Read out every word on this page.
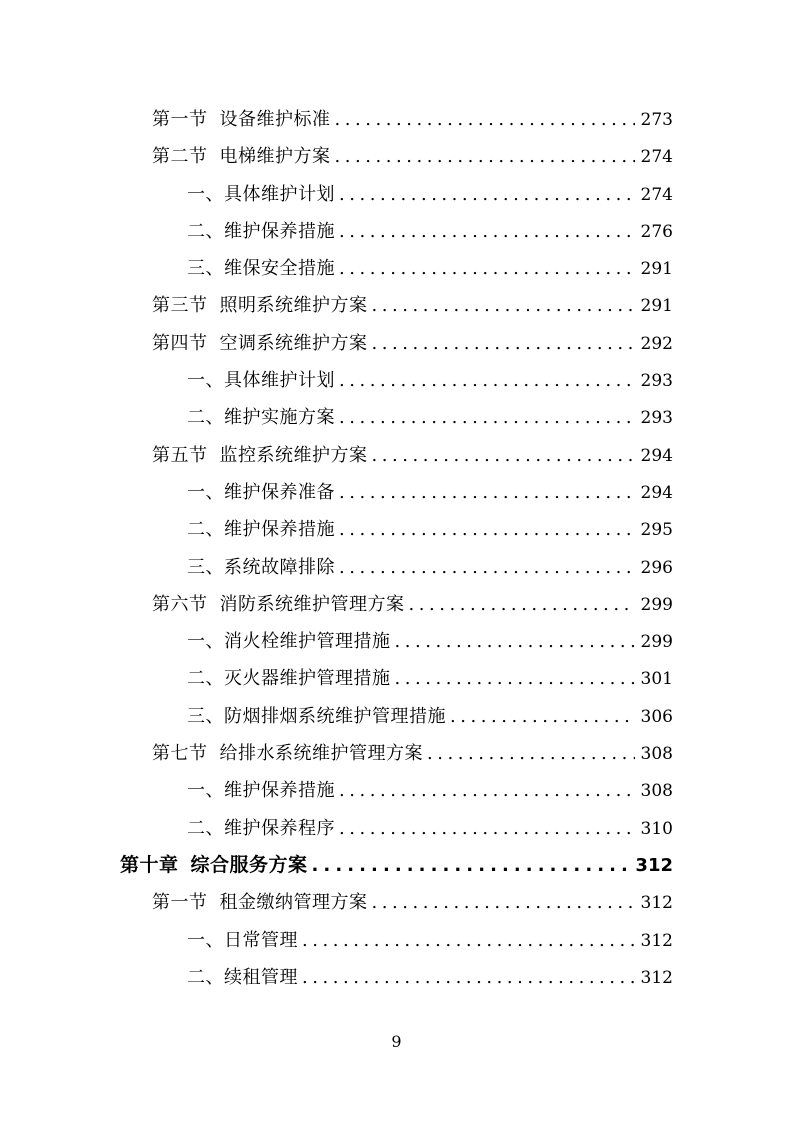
第一节 设备维护标准 . . .	273
第二节 电梯维护方案 . . .	274
一、具体维护计划 . . .	274
二、维护保养措施 . . .	276
三、维保安全措施 . . .	291
第三节 照明系统维护方案 . . .	291
第四节 空调系统维护方案 . . .	292
一、具体维护计划 . . .	293
二、维护实施方案 . . .	293
第五节 监控系统维护方案 . . .	294
一、维护保养准备 . . .	294
二、维护保养措施 . . .	295
三、系统故障排除 . . .	296
第六节 消防系统维护管理方案 . . .	299
一、消火栓维护管理措施 . . .	299
二、灭火器维护管理措施 . . .	301
三、防烟排烟系统维护管理措施 . . .	306
第七节 给排水系统维护管理方案 . . .	308
一、维护保养措施 . . .	308
二、维护保养程序 . . .	310
第十章 综合服务方案 . . .	312
第一节 租金缴纳管理方案 . . .	312
一、日常管理 . . .	312
二、续租管理 . . .	312
9
